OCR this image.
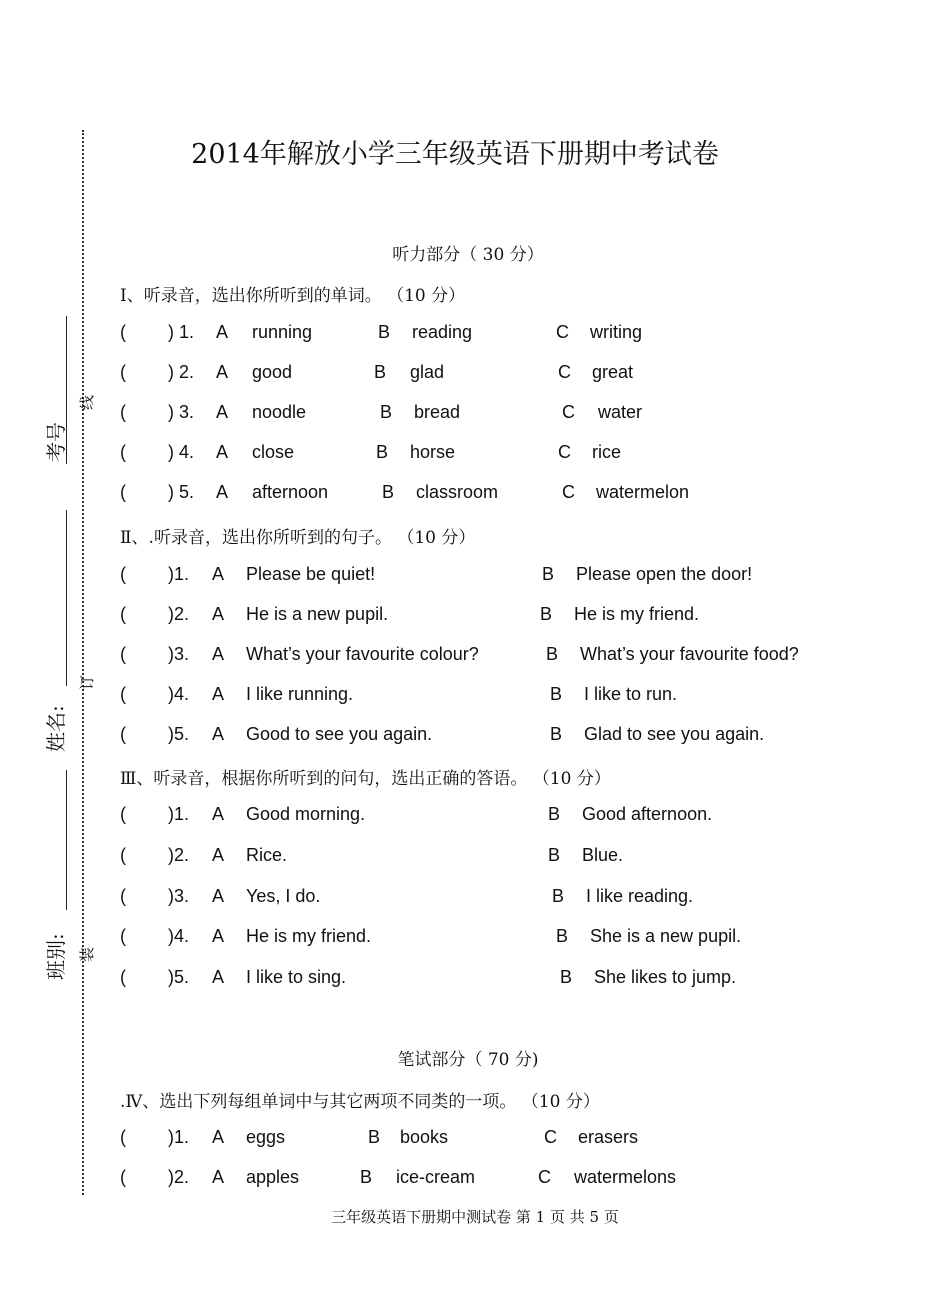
考号
姓名:
班别:
线
订
装
2014年解放小学三年级英语下册期中考试卷
听力部分（ 30 分）
Ⅰ、听录音，选出你所听到的单词。 （10 分）
( ) 1. A running	B reading	C writing
( ) 2. A good	B glad	C great
( ) 3. A noodle	B bread	C water
( ) 4. A close	B horse	C rice
( ) 5. A afternoon	B classroom	C watermelon
Ⅱ、.听录音，选出你所听到的句子。 （10 分）
( )1. A Please be quiet!	B Please open the door!
( )2. A He is a new pupil.	B He is my friend.
( )3. A What’s your favourite colour?	B What’s your favourite food?
( )4. A I like running.	B I like to run.
( )5. A Good to see you again.	B Glad to see you again.
Ⅲ、听录音，根据你所听到的问句，选出正确的答语。 （10 分）
( )1. A Good morning.	B Good afternoon.
( )2. A Rice.	B Blue.
( )3. A Yes, I do.	B I like reading.
( )4. A He is my friend.	B She is a new pupil.
( )5. A I like to sing.	B She likes to jump.
笔试部分（ 70 分)
.Ⅳ、选出下列每组单词中与其它两项不同类的一项。 （10 分）
( )1. A eggs	B books	C erasers
( )2. A apples	B ice-cream	C watermelons
三年级英语下册期中测试卷 第 1 页 共 5 页
